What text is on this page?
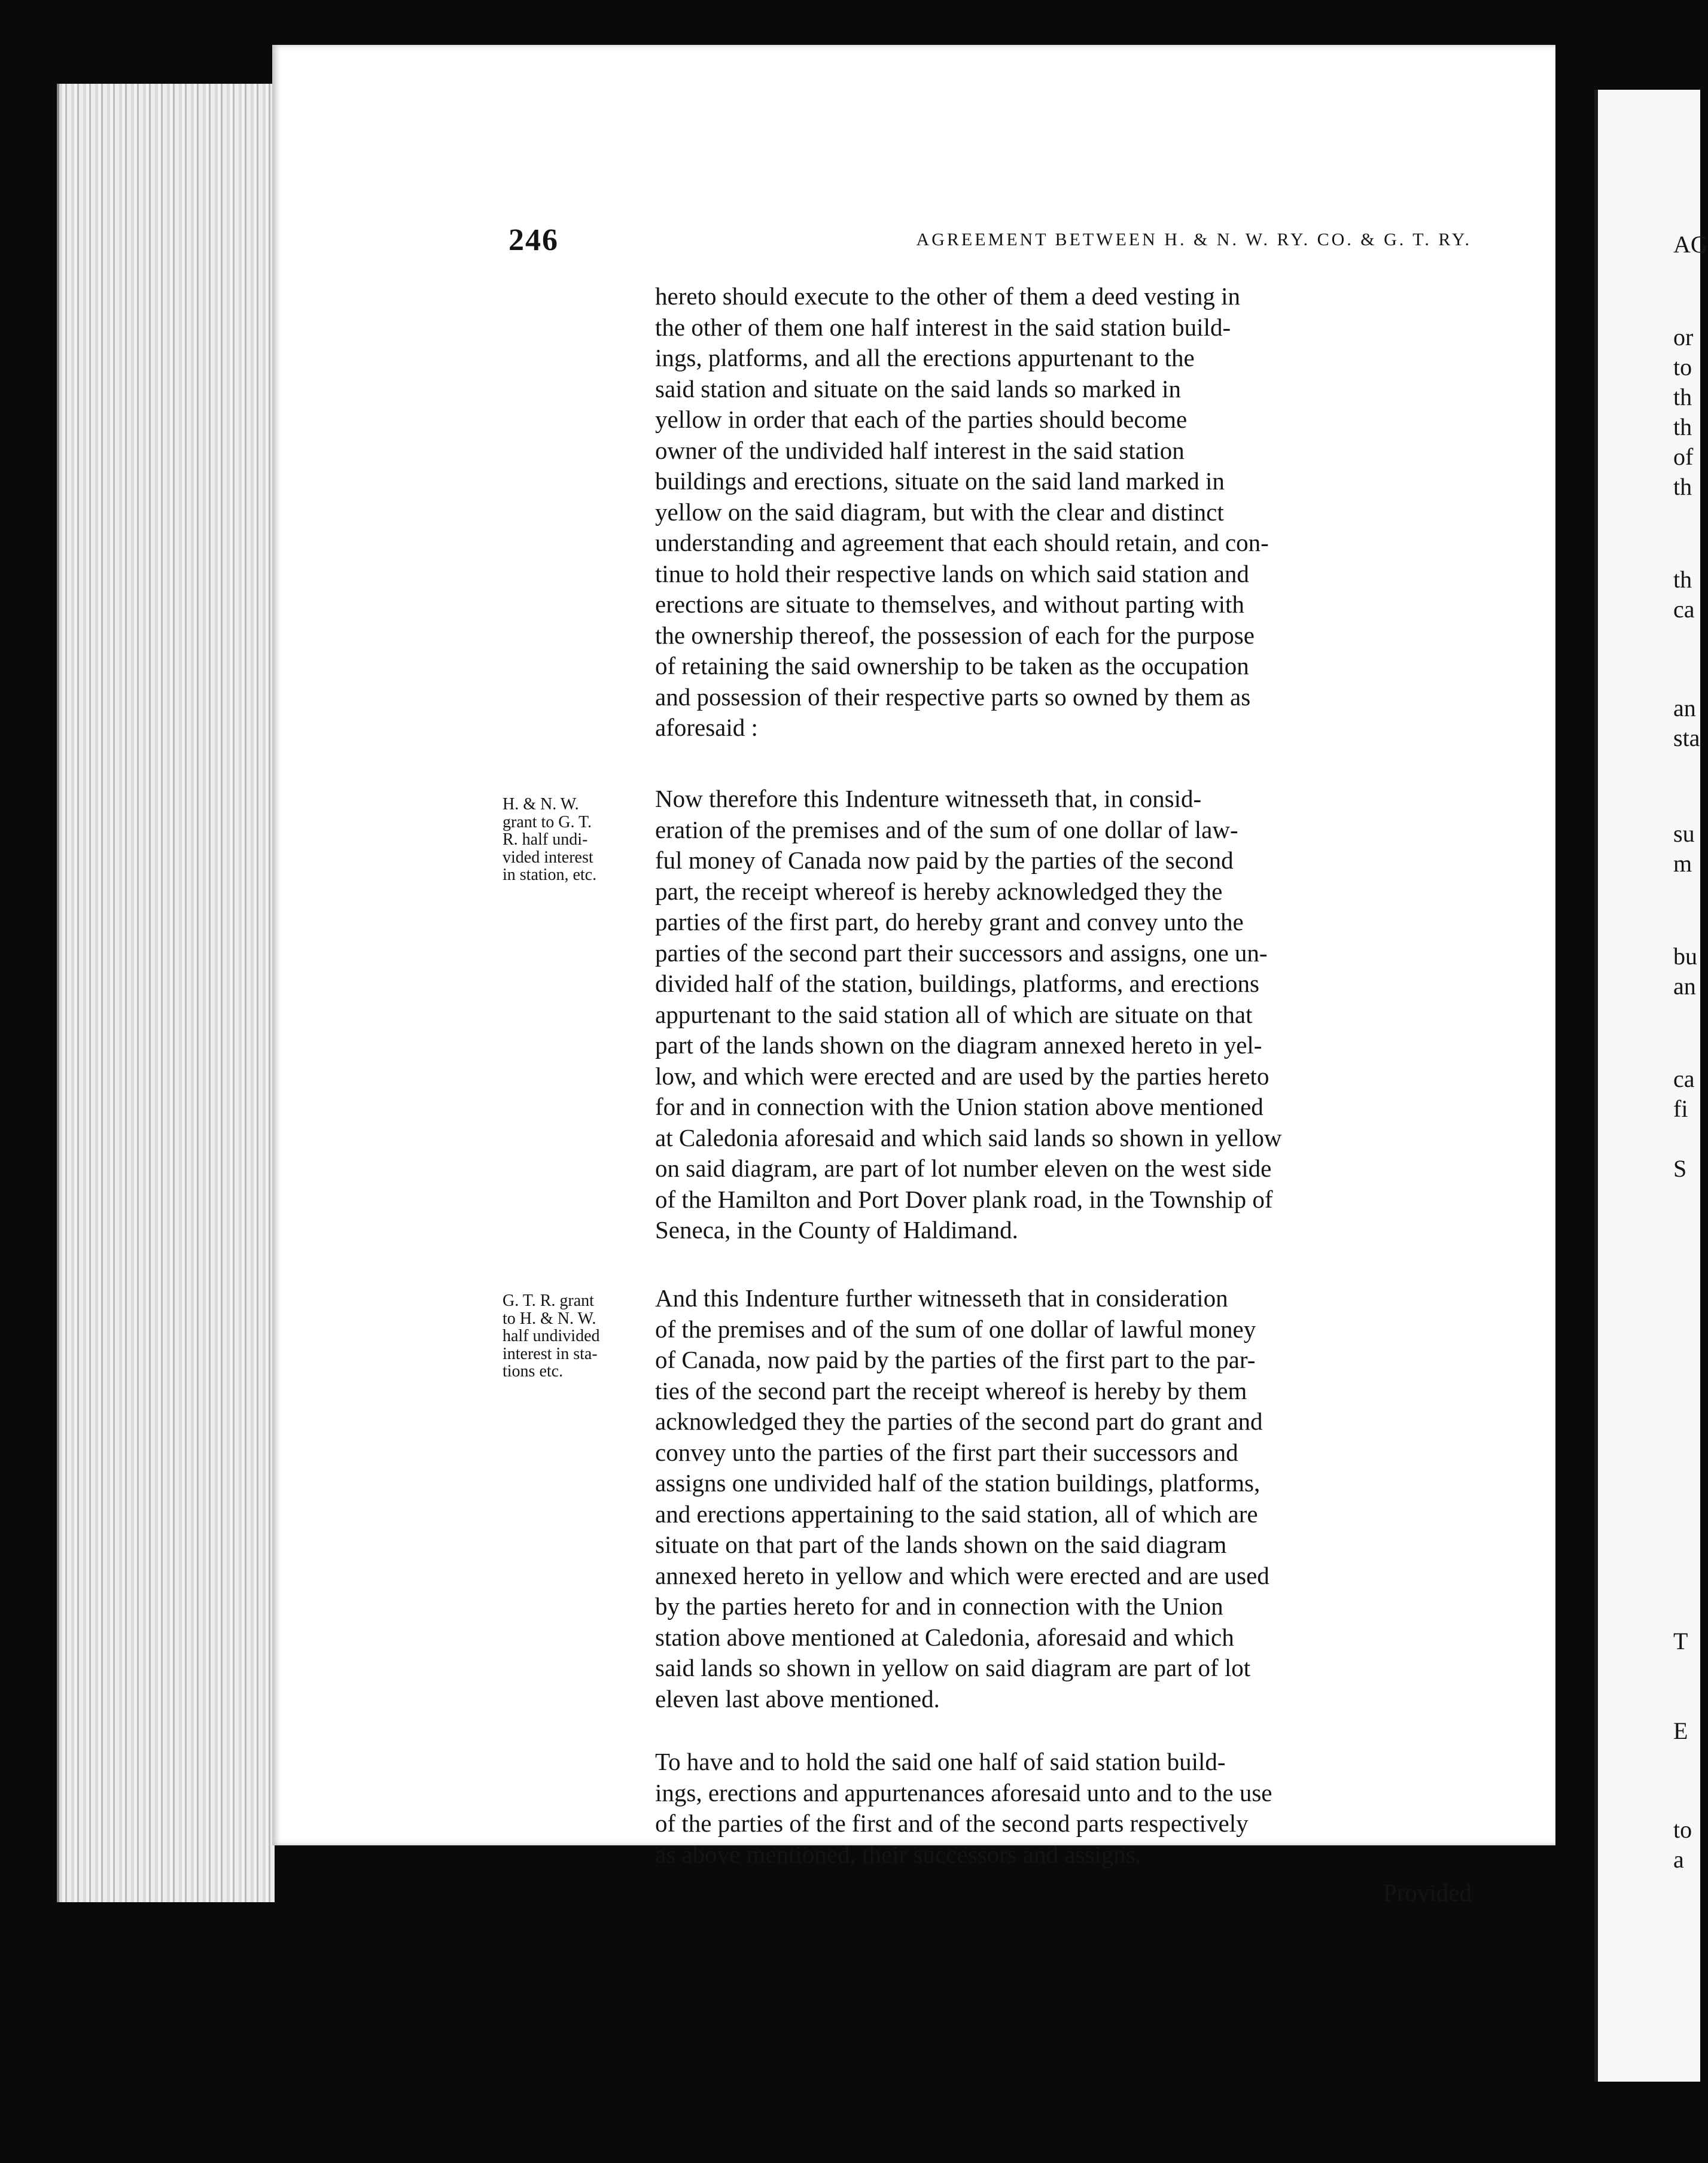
246	AGREEMENT BETWEEN H. & N. W. RY. CO. & G. T. RY.
hereto should execute to the other of them a deed vesting in
the other of them one half interest in the said station build-
ings, platforms, and all the erections appurtenant to the
said station and situate on the said lands so marked in
yellow in order that each of the parties should become
owner of the undivided half interest in the said station
buildings and erections, situate on the said land marked in
yellow on the said diagram, but with the clear and distinct
understanding and agreement that each should retain, and con-
tinue to hold their respective lands on which said station and
erections are situate to themselves, and without parting with
the ownership thereof, the possession of each for the purpose
of retaining the said ownership to be taken as the occupation
and possession of their respective parts so owned by them as
aforesaid :
Now therefore this Indenture witnesseth that, in consid-
eration of the premises and of the sum of one dollar of law-
ful money of Canada now paid by the parties of the second
part, the receipt whereof is hereby acknowledged they the
parties of the first part, do hereby grant and convey unto the
parties of the second part their successors and assigns, one un-
divided half of the station, buildings, platforms, and erections
appurtenant to the said station all of which are situate on that
part of the lands shown on the diagram annexed hereto in yel-
low, and which were erected and are used by the parties hereto
for and in connection with the Union station above mentioned
at Caledonia aforesaid and which said lands so shown in yellow
on said diagram, are part of lot number eleven on the west side
of the Hamilton and Port Dover plank road, in the Township of
Seneca, in the County of Haldimand.
And this Indenture further witnesseth that in consideration
of the premises and of the sum of one dollar of lawful money
of Canada, now paid by the parties of the first part to the par-
ties of the second part the receipt whereof is hereby by them
acknowledged they the parties of the second part do grant and
convey unto the parties of the first part their successors and
assigns one undivided half of the station buildings, platforms,
and erections appertaining to the said station, all of which are
situate on that part of the lands shown on the said diagram
annexed hereto in yellow and which were erected and are used
by the parties hereto for and in connection with the Union
station above mentioned at Caledonia, aforesaid and which
said lands so shown in yellow on said diagram are part of lot
eleven last above mentioned.
To have and to hold the said one half of said station build-
ings, erections and appurtenances aforesaid unto and to the use
of the parties of the first and of the second parts respectively
as above mentioned, their successors and assigns.
Provided
H. & N. W.
grant to G. T.
R. half undi-
vided interest
in station, etc.
G. T. R. grant
to H. & N. W.
half undivided
interest in sta-
tions etc.
AG
or
to
th
th
of
th
th
ca
an
sta
su
m
bu
an
ca
fi
S
T
E
to
a
